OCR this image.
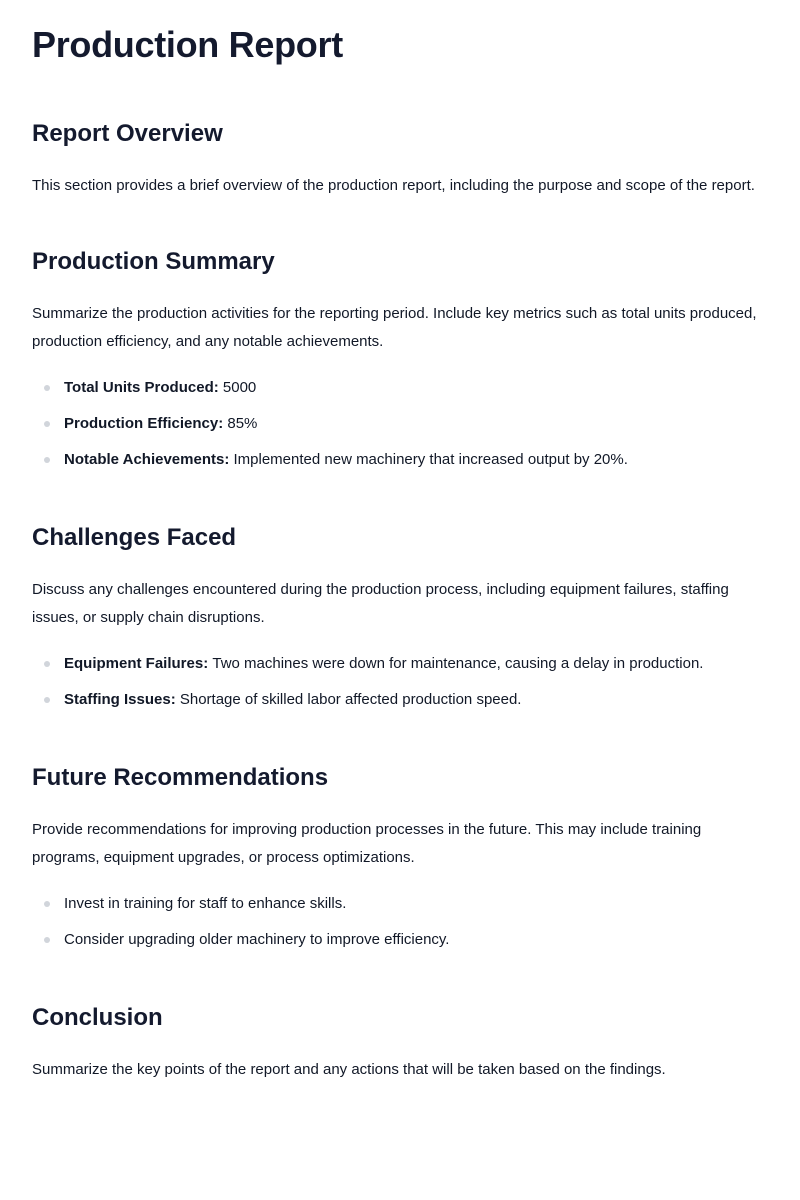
Production Report
Report Overview

This section provides a brief overview of the production report, including the purpose and scope of the report.

Production Summary

Summarize the production activities for the reporting period. Include key metrics such as total units produced, production efficiency, and any notable achievements.

Total Units Produced: 5000
Production Efficiency: 85%
Notable Achievements: Implemented new machinery that increased output by 20%.
Challenges Faced

Discuss any challenges encountered during the production process, including equipment failures, staffing issues, or supply chain disruptions.

Equipment Failures: Two machines were down for maintenance, causing a delay in production.
Staffing Issues: Shortage of skilled labor affected production speed.
Future Recommendations

Provide recommendations for improving production processes in the future. This may include training programs, equipment upgrades, or process optimizations.

Invest in training for staff to enhance skills.
Consider upgrading older machinery to improve efficiency.
Conclusion

Summarize the key points of the report and any actions that will be taken based on the findings.
